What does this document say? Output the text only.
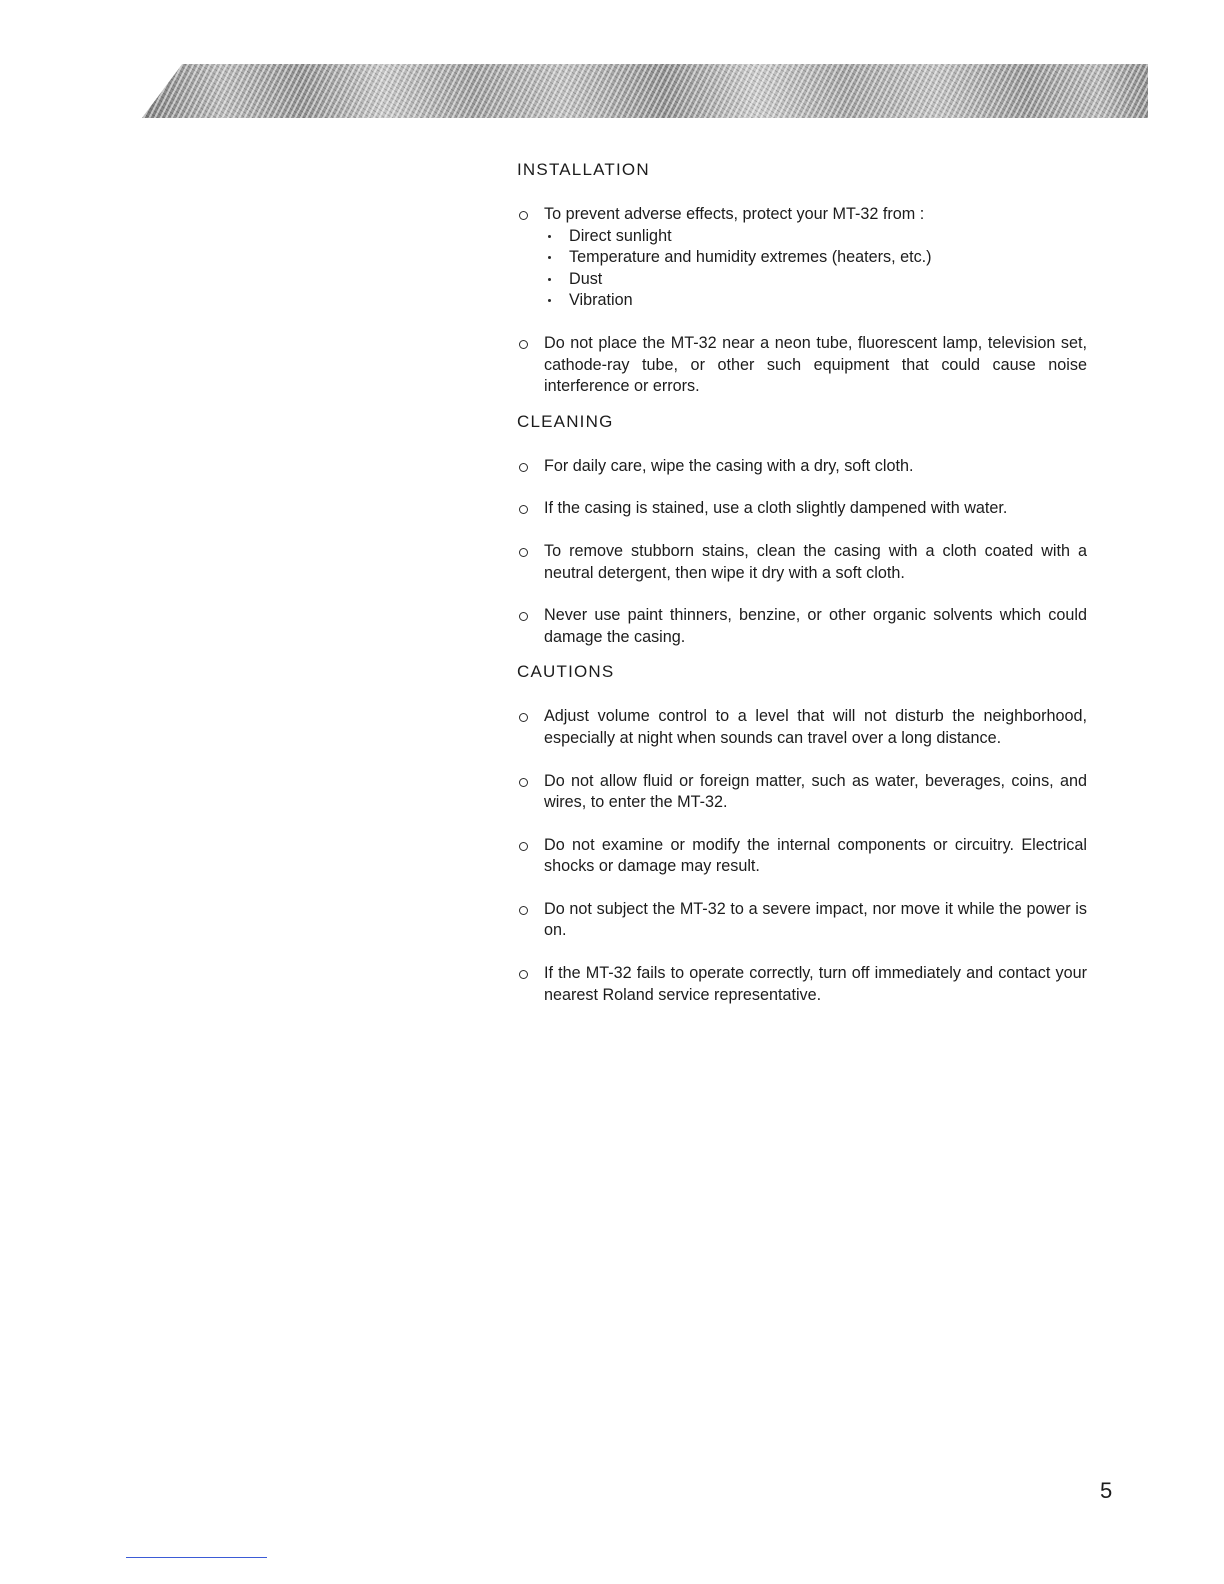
INSTALLATION
To prevent adverse effects, protect your MT-32 from :
Direct sunlight
Temperature and humidity extremes (heaters, etc.)
Dust
Vibration
Do not place the MT-32 near a neon tube, fluorescent lamp, television set, cathode-ray tube, or other such equipment that could cause noise interference or errors.
CLEANING
For daily care, wipe the casing with a dry, soft cloth.
If the casing is stained, use a cloth slightly dampened with water.
To remove stubborn stains, clean the casing with a cloth coated with a neutral detergent, then wipe it dry with a soft cloth.
Never use paint thinners, benzine, or other organic solvents which could damage the casing.
CAUTIONS
Adjust volume control to a level that will not disturb the neighborhood, especially at night when sounds can travel over a long distance.
Do not allow fluid or foreign matter, such as water, beverages, coins, and wires, to enter the MT-32.
Do not examine or modify the internal components or circuitry. Electrical shocks or damage may result.
Do not subject the MT-32 to a severe impact, nor move it while the power is on.
If the MT-32 fails to operate correctly, turn off immediately and contact your nearest Roland service representative.
5
